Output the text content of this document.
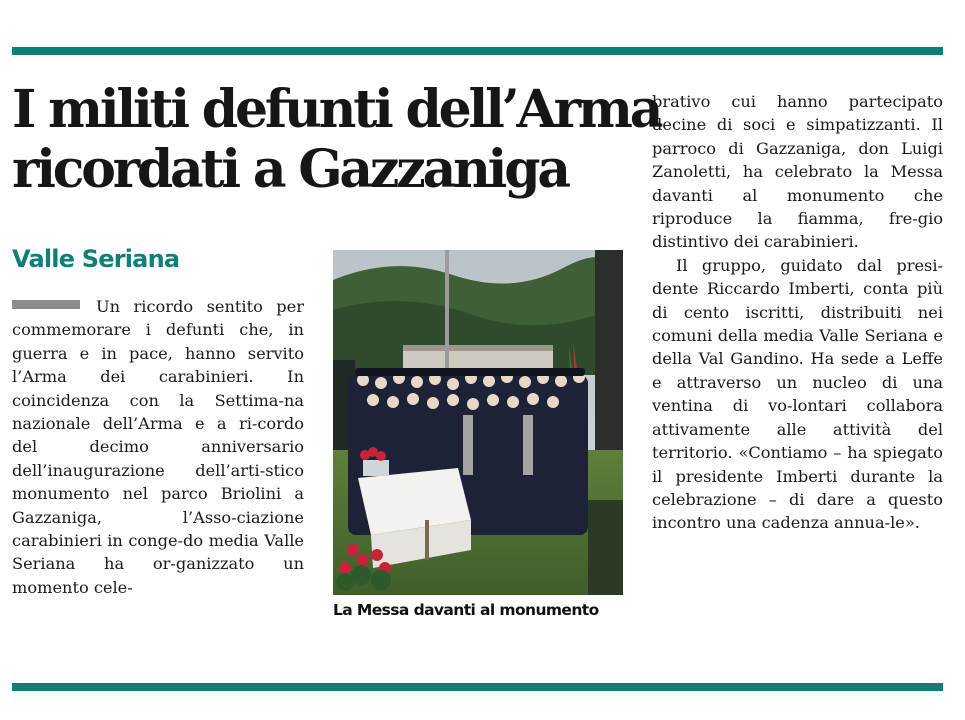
I militi defunti dell’Arma
ricordati a Gazzaniga
Valle Seriana

Un ricordo sentito per commemorare i defunti che, in guerra e in pace, hanno servito l’Arma dei carabinieri. In coincidenza con la Settima-na nazionale dell’Arma e a ri-cordo del decimo anniversario dell’inaugurazione dell’arti-stico monumento nel parco Briolini a Gazzaniga, l’Asso-ciazione carabinieri in conge-do media Valle Seriana ha or-ganizzato un momento cele-

La Messa davanti al monumento

brativo cui hanno partecipato decine di soci e simpatizzanti. Il parroco di Gazzaniga, don Luigi Zanoletti, ha celebrato la Messa davanti al monumento che riproduce la fiamma, fre-gio distintivo dei carabinieri.

Il gruppo, guidato dal presi-dente Riccardo Imberti, conta più di cento iscritti, distribuiti nei comuni della media Valle Seriana e della Val Gandino. Ha sede a Leffe e attraverso un nucleo di una ventina di vo-lontari collabora attivamente alle attività del territorio. «Contiamo – ha spiegato il presidente Imberti durante la celebrazione – di dare a questo incontro una cadenza annua-le».
